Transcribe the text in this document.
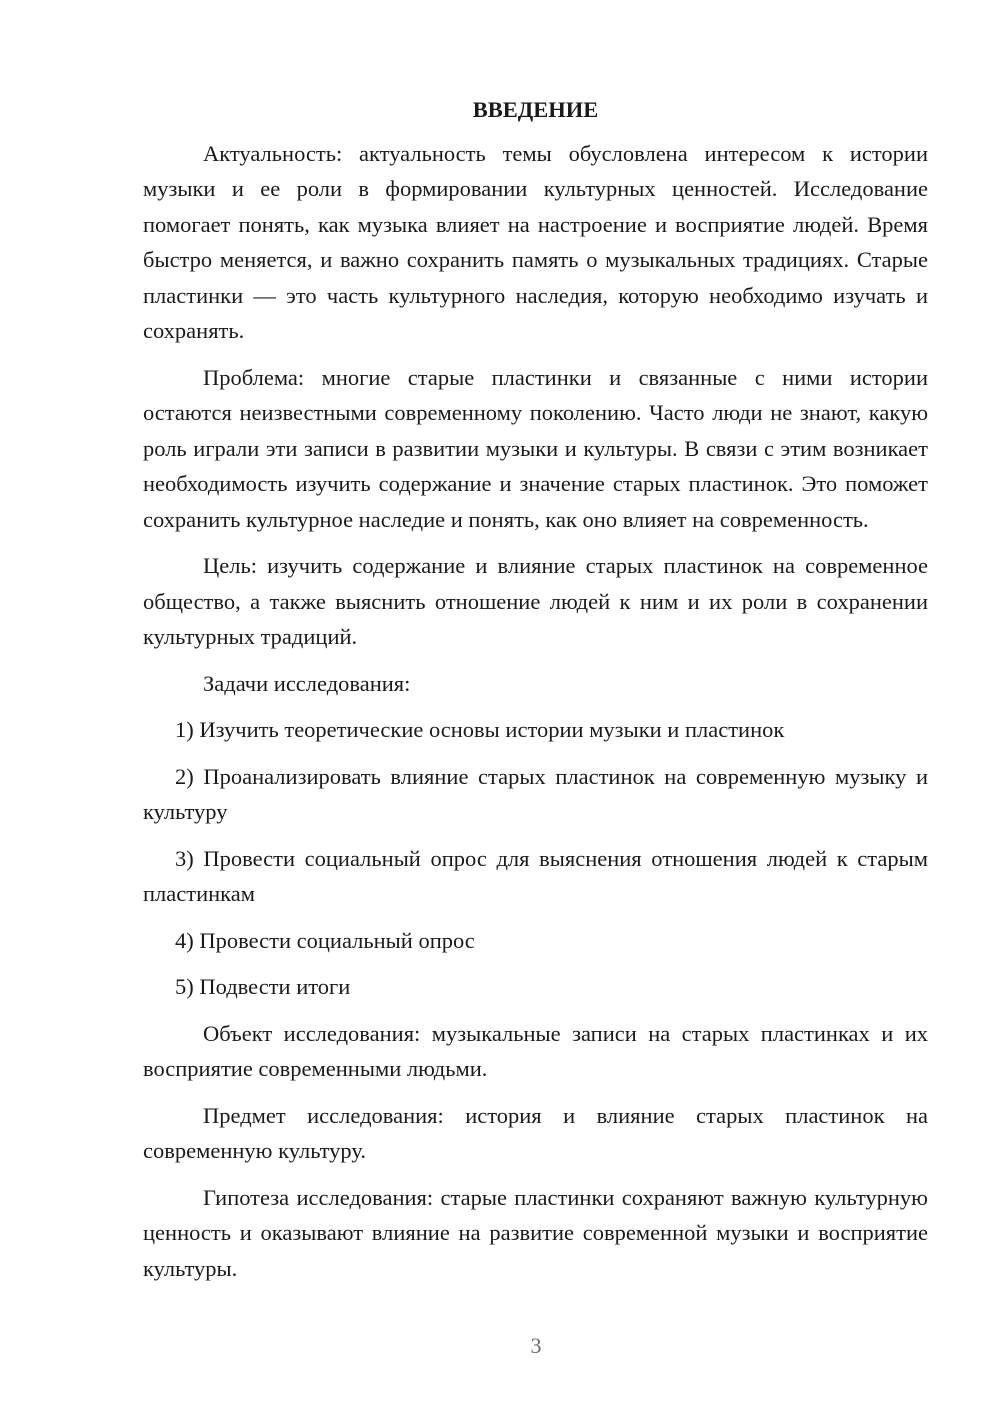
ВВЕДЕНИЕ

Актуальность: актуальность темы обусловлена интересом к истории музыки и ее роли в формировании культурных ценностей. Исследование помогает понять, как музыка влияет на настроение и восприятие людей. Время быстро меняется, и важно сохранить память о музыкальных традициях. Старые пластинки — это часть культурного наследия, которую необходимо изучать и сохранять.

Проблема: многие старые пластинки и связанные с ними истории остаются неизвестными современному поколению. Часто люди не знают, какую роль играли эти записи в развитии музыки и культуры. В связи с этим возникает необходимость изучить содержание и значение старых пластинок. Это поможет сохранить культурное наследие и понять, как оно влияет на современность.

Цель: изучить содержание и влияние старых пластинок на современное общество, а также выяснить отношение людей к ним и их роли в сохранении культурных традиций.

Задачи исследования:

1) Изучить теоретические основы истории музыки и пластинок

2) Проанализировать влияние старых пластинок на современную музыку и культуру

3) Провести социальный опрос для выяснения отношения людей к старым пластинкам

4) Провести социальный опрос

5) Подвести итоги

Объект исследования: музыкальные записи на старых пластинках и их восприятие современными людьми.

Предмет исследования: история и влияние старых пластинок на современную культуру.

Гипотеза исследования: старые пластинки сохраняют важную культурную ценность и оказывают влияние на развитие современной музыки и восприятие культуры.

3
